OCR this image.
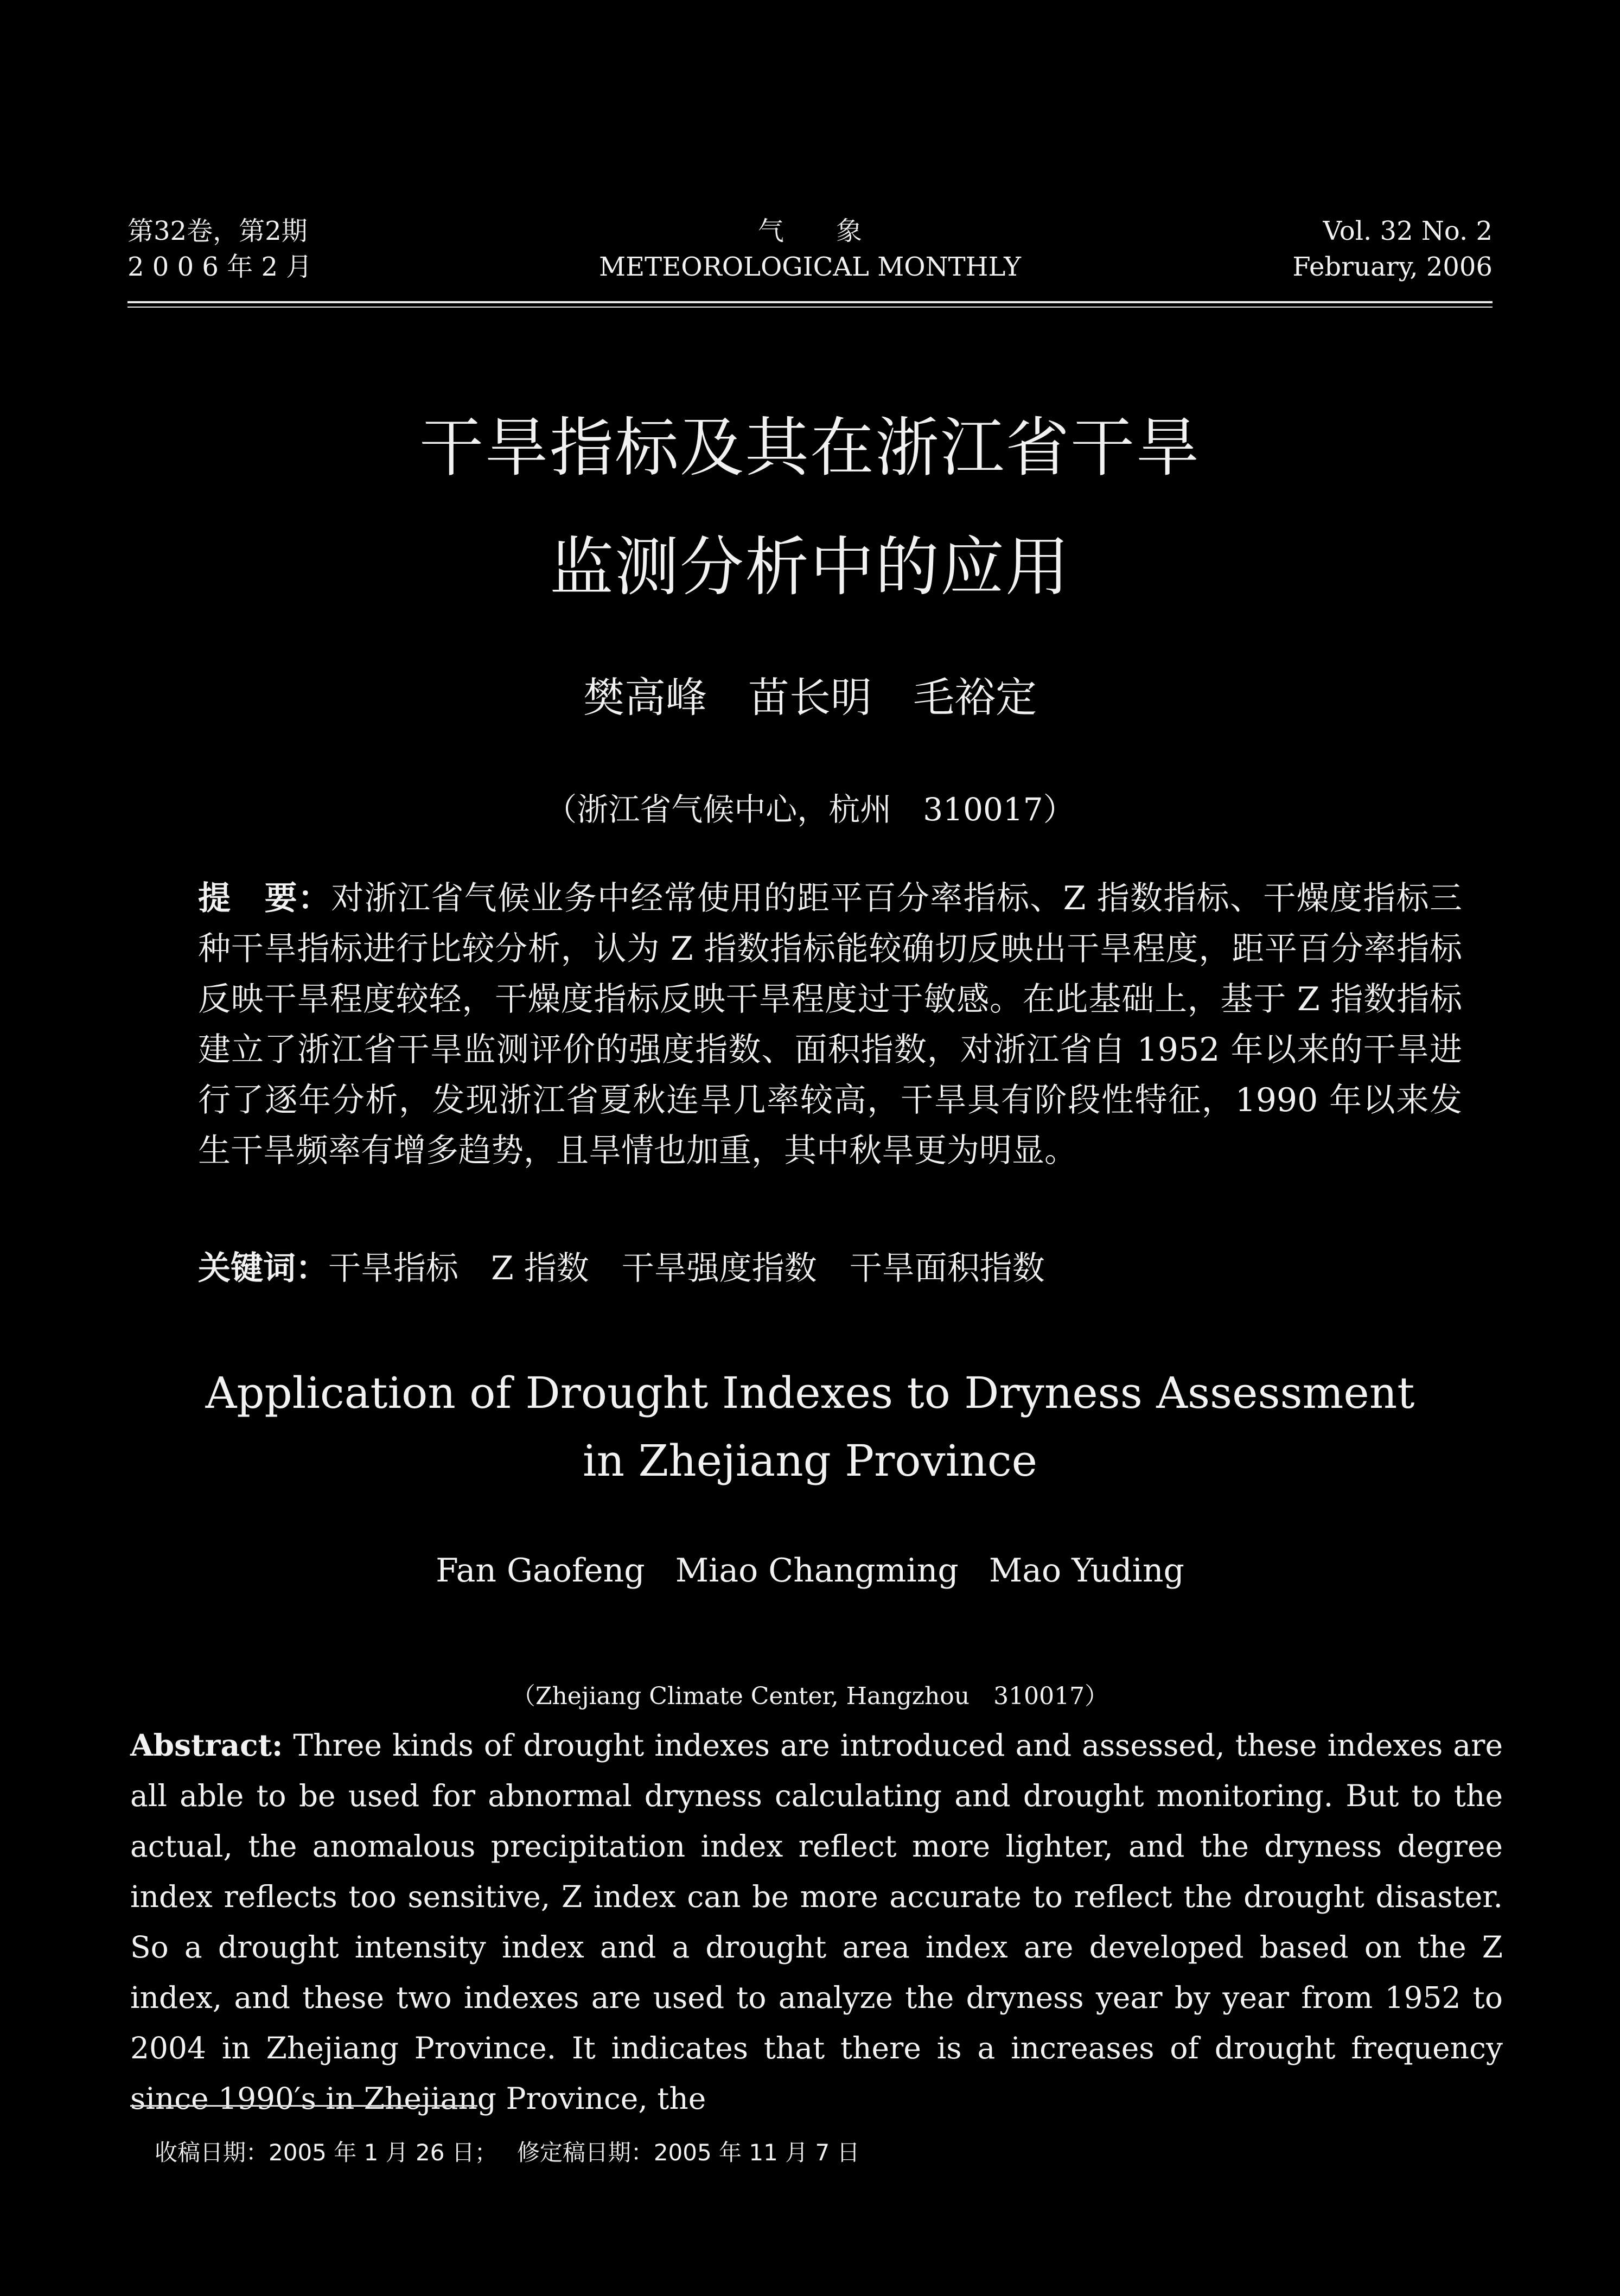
第32卷，第2期
2 0 0 6 年 2 月
气　　象
METEOROLOGICAL MONTHLY
Vol. 32 No. 2
February, 2006
干旱指标及其在浙江省干旱
监测分析中的应用
樊高峰　苗长明　毛裕定
（浙江省气候中心，杭州　310017）
提　要：对浙江省气候业务中经常使用的距平百分率指标、Z 指数指标、干燥度指标三种干旱指标进行比较分析，认为 Z 指数指标能较确切反映出干旱程度，距平百分率指标反映干旱程度较轻，干燥度指标反映干旱程度过于敏感。在此基础上，基于 Z 指数指标建立了浙江省干旱监测评价的强度指数、面积指数，对浙江省自 1952 年以来的干旱进行了逐年分析，发现浙江省夏秋连旱几率较高，干旱具有阶段性特征，1990 年以来发生干旱频率有增多趋势，且旱情也加重，其中秋旱更为明显。
关键词：干旱指标 Z 指数 干旱强度指数 干旱面积指数
Application of Drought Indexes to Dryness Assessment
in Zhejiang Province
Fan Gaofeng Miao Changming Mao Yuding
（Zhejiang Climate Center, Hangzhou　310017）
Abstract: Three kinds of drought indexes are introduced and assessed, these indexes are all able to be used for abnormal dryness calculating and drought monitoring. But to the actual, the anomalous precipitation index reflect more lighter, and the dryness degree index reflects too sensitive, Z index can be more accurate to reflect the drought disaster. So a drought intensity index and a drought area index are developed based on the Z index, and these two indexes are used to analyze the dryness year by year from 1952 to 2004 in Zhejiang Province. It indicates that there is a increases of drought frequency since 1990′s in Zhejiang Province, the
收稿日期：2005 年 1 月 26 日； 修定稿日期：2005 年 11 月 7 日
